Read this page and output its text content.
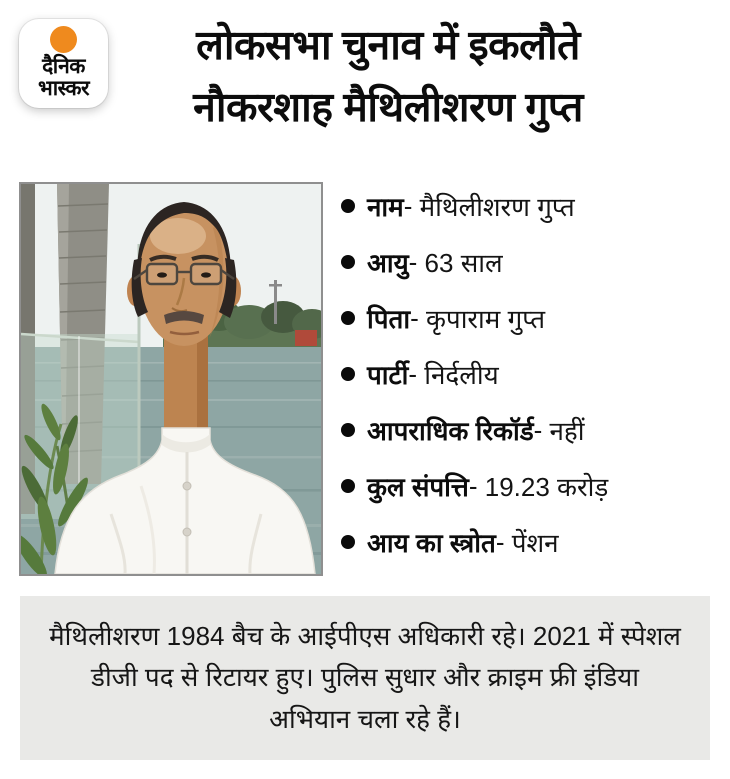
दैनिक
भास्कर
लोकसभा चुनाव में इकलौते
नौकरशाह मैथिलीशरण गुप्त
नाम - मैथिलीशरण गुप्त
आयु - 63 साल
पिता - कृपाराम गुप्त
पार्टी - निर्दलीय
आपराधिक रिकॉर्ड - नहीं
कुल संपत्ति - 19.23 करोड़
आय का स्त्रोत - पेंशन

मैथिलीशरण 1984 बैच के आईपीएस अधिकारी रहे। 2021 में स्पेशल डीजी पद से रिटायर हुए। पुलिस सुधार और क्राइम फ्री इंडिया अभियान चला रहे हैं।
